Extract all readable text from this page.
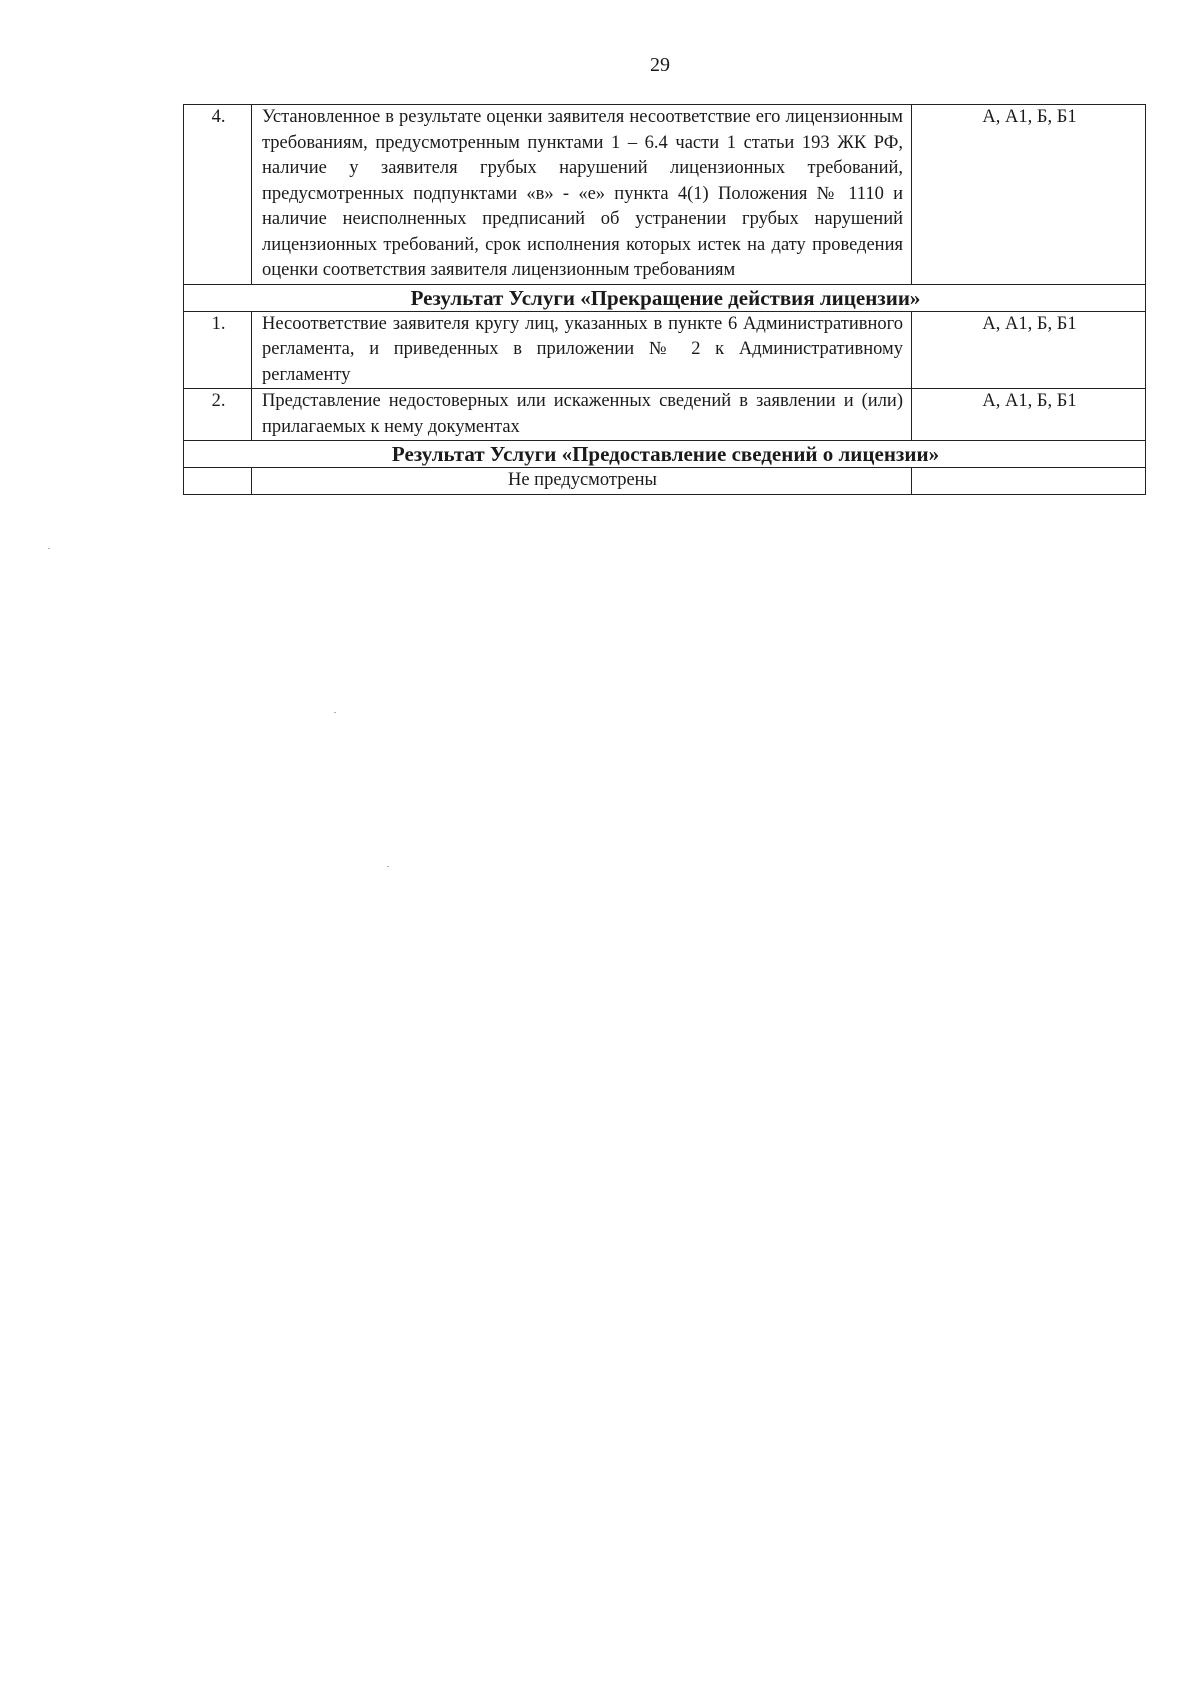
29
4.	Установленное в результате оценки заявителя несоответствие его лицензионным требованиям, предусмотренным пунктами 1 – 6.4 части 1 статьи 193 ЖК РФ, наличие у заявителя грубых нарушений лицензионных требований, предусмотренных подпунктами «в» - «е» пункта 4(1) Положения № 1110 и наличие неисполненных предписаний об устранении грубых нарушений лицензионных требований, срок исполнения которых истек на дату проведения оценки соответствия заявителя лицензионным требованиям	А, А1, Б, Б1
Результат Услуги «Прекращение действия лицензии»		
1.	Несоответствие заявителя кругу лиц, указанных в пункте 6 Административного регламента, и приведенных в приложении № 2 к Административному регламенту	А, А1, Б, Б1
2.	Представление недостоверных или искаженных сведений в заявлении и (или) прилагаемых к нему документах	А, А1, Б, Б1
Результат Услуги «Предоставление сведений о лицензии»		
	Не предусмотрены	
